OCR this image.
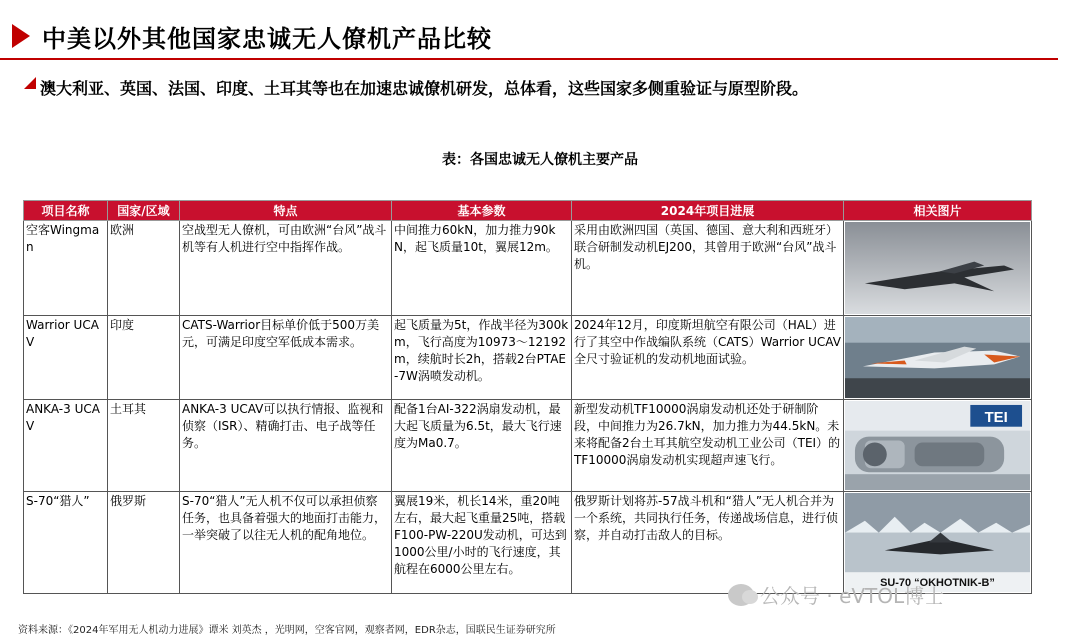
中美以外其他国家忠诚无人僚机产品比较
澳大利亚、英国、法国、印度、土耳其等也在加速忠诚僚机研发，总体看，这些国家多侧重验证与原型阶段。
表：各国忠诚无人僚机主要产品
项目名称	国家/区域	特点	基本参数	2024年项目进展	相关图片
空客Wingman	欧洲	空战型无人僚机，可由欧洲“台风”战斗机等有人机进行空中指挥作战。	中间推力60kN，加力推力90kN，起飞质量10t，翼展12m。	采用由欧洲四国（英国、德国、意大利和西班牙）联合研制发动机EJ200，其曾用于欧洲“台风”战斗机。	

Warrior UCAV	印度	CATS-Warrior目标单价低于500万美元，可满足印度空军低成本需求。	起飞质量为5t，作战半径为300km，飞行高度为10973～12192m，续航时长2h，搭载2台PTAE-7W涡喷发动机。	2024年12月，印度斯坦航空有限公司（HAL）进行了其空中作战编队系统（CATS）Warrior UCAV全尺寸验证机的发动机地面试验。	

ANKA-3 UCAV	土耳其	ANKA-3 UCAV可以执行情报、监视和侦察（ISR）、精确打击、电子战等任务。	配备1台AI-322涡扇发动机，最大起飞质量为6.5t，最大飞行速度为Ma0.7。	新型发动机TF10000涡扇发动机还处于研制阶段，中间推力为26.7kN，加力推力为44.5kN。未来将配备2台土耳其航空发动机工业公司（TEI）的TF10000涡扇发动机实现超声速飞行。	TEI

S-70“猎人”	俄罗斯	S-70“猎人”无人机不仅可以承担侦察任务，也具备着强大的地面打击能力，一举突破了以往无人机的配角地位。	翼展19米，机长14米，重20吨左右，最大起飞重量25吨，搭载F100-PW-220U发动机，可达到1000公里/小时的飞行速度，其航程在6000公里左右。	俄罗斯计划将苏-57战斗机和“猎人”无人机合并为一个系统，共同执行任务，传递战场信息，进行侦察，并自动打击敌人的目标。	SU-70 “OKHOTNIK-B”
公众号 · eVTOL博士
资料来源：《2024年军用无人机动力进展》谭米 刘英杰 ，光明网，空客官网，观察者网，EDR杂志，国联民生证券研究所
